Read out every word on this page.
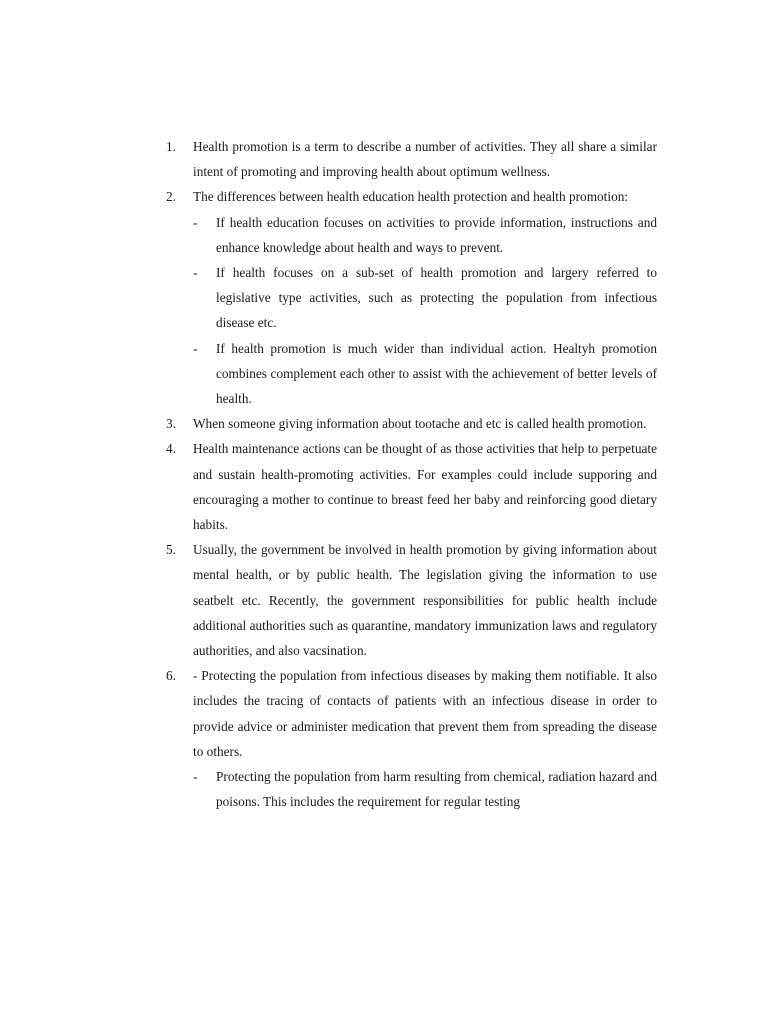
1.	Health promotion is a term to describe a number of activities. They all share a similar intent of promoting and improving health about optimum wellness.
2.	The differences between health education health protection and health promotion:
- If health education focuses on activities to provide information, instructions and enhance knowledge about health and ways to prevent.
- If health focuses on a sub-set of health promotion and largery referred to legislative type activities, such as protecting the population from infectious disease etc.
- If health promotion is much wider than individual action. Healtyh promotion combines complement each other to assist with the achievement of better levels of health.
3.	When someone giving information about tootache and etc is called health promotion.
4.	Health maintenance actions can be thought of as those activities that help to perpetuate and sustain health-promoting activities. For examples could include supporing and encouraging a mother to continue to breast feed her baby and reinforcing good dietary habits.
5.	Usually, the government be involved in health promotion by giving information about mental health, or by public health. The legislation giving the information to use seatbelt etc. Recently, the government responsibilities for public health include additional authorities such as quarantine, mandatory immunization laws and regulatory authorities, and also vacsination.
6.	- Protecting the population from infectious diseases by making them notifiable. It also includes the tracing of contacts of patients with an infectious disease in order to provide advice or administer medication that prevent them from spreading the disease to others.
- Protecting the population from harm resulting from chemical, radiation hazard and poisons. This includes the requirement for regular testing
